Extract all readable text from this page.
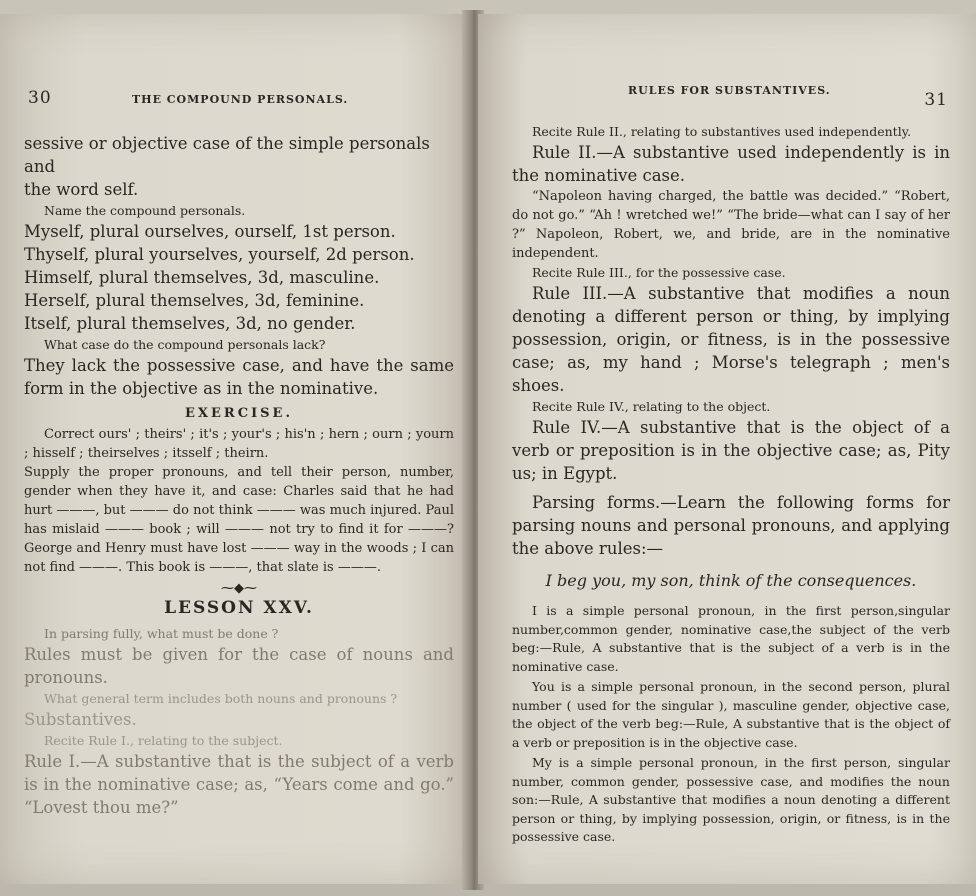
30	THE COMPOUND PERSONALS.

sessive or objective case of the simple personals and

the word self.

Name the compound personals.

Myself, plural ourselves, ourself, 1st person.

Thyself, plural yourselves, yourself, 2d person.

Himself, plural themselves, 3d, masculine.

Herself, plural themselves, 3d, feminine.

Itself, plural themselves, 3d, no gender.

What case do the compound personals lack?

They lack the possessive case, and have the same form in the objective as in the nominative.

EXERCISE.

Correct ours' ; theirs' ; it's ; your's ; his'n ; hern ; ourn ; yourn ; hisself ; theirselves ; itsself ; theirn.

Supply the proper pronouns, and tell their person, number, gender when they have it, and case: Charles said that he had hurt ———, but ——— do not think ——— was much injured. Paul has mislaid ——— book ; will ——— not try to find it for ———? George and Henry must have lost ——— way in the woods ; I can not find ———. This book is ———, that slate is ———.

⁓◆⁓

LESSON XXV.

In parsing fully, what must be done ?

Rules must be given for the case of nouns and pronouns.

What general term includes both nouns and pronouns ?

Substantives.

Recite Rule I., relating to the subject.

Rule I.—A substantive that is the subject of a verb is in the nominative case; as, “Years come and go.” “Lovest thou me?”

RULES FOR SUBSTANTIVES.	31

Recite Rule II., relating to substantives used independently.

Rule II.—A substantive used independently is in the nominative case.

“Napoleon having charged, the battle was decided.” “Robert, do not go.” “Ah ! wretched we!” “The bride—what can I say of her ?” Napoleon, Robert, we, and bride, are in the nominative independent.

Recite Rule III., for the possessive case.

Rule III.—A substantive that modifies a noun denoting a different person or thing, by implying possession, origin, or fitness, is in the possessive case; as, my hand ; Morse's telegraph ; men's shoes.

Recite Rule IV., relating to the object.

Rule IV.—A substantive that is the object of a verb or preposition is in the objective case; as, Pity us; in Egypt.

Parsing forms.—Learn the following forms for parsing nouns and personal pronouns, and applying the above rules:—

I beg you, my son, think of the consequences.

I is a simple personal pronoun, in the first person,singular number,common gender, nominative case,the subject of the verb beg:—Rule, A substantive that is the subject of a verb is in the nominative case.

You is a simple personal pronoun, in the second person, plural number ( used for the singular ), masculine gender, objective case, the object of the verb beg:—Rule, A substantive that is the object of a verb or preposition is in the objective case.

My is a simple personal pronoun, in the first person, singular number, common gender, possessive case, and modifies the noun son:—Rule, A substantive that modifies a noun denoting a different person or thing, by implying possession, origin, or fitness, is in the possessive case.
